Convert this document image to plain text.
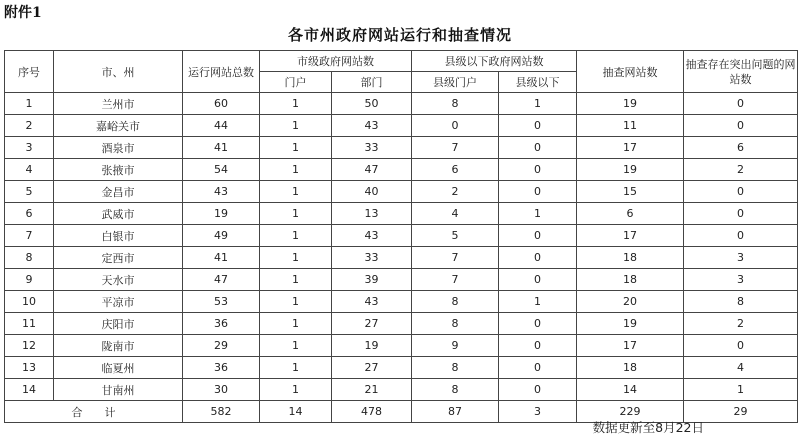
附件1
各市州政府网站运行和抽查情况
序号	市、州	运行网站总数	市级政府网站数		县级以下政府网站数		抽查网站数	抽查存在突出问题的网站数
			门户	部门	县级门户	县级以下		
1	兰州市	60	1	50	8	1	19	0
2	嘉峪关市	44	1	43	0	0	11	0
3	酒泉市	41	1	33	7	0	17	6
4	张掖市	54	1	47	6	0	19	2
5	金昌市	43	1	40	2	0	15	0
6	武威市	19	1	13	4	1	6	0
7	白银市	49	1	43	5	0	17	0
8	定西市	41	1	33	7	0	18	3
9	天水市	47	1	39	7	0	18	3
10	平凉市	53	1	43	8	1	20	8
11	庆阳市	36	1	27	8	0	19	2
12	陇南市	29	1	19	9	0	17	0
13	临夏州	36	1	27	8	0	18	4
14	甘南州	30	1	21	8	0	14	1
合　　计		582	14	478	87	3	229	29
数据更新至8月22日
